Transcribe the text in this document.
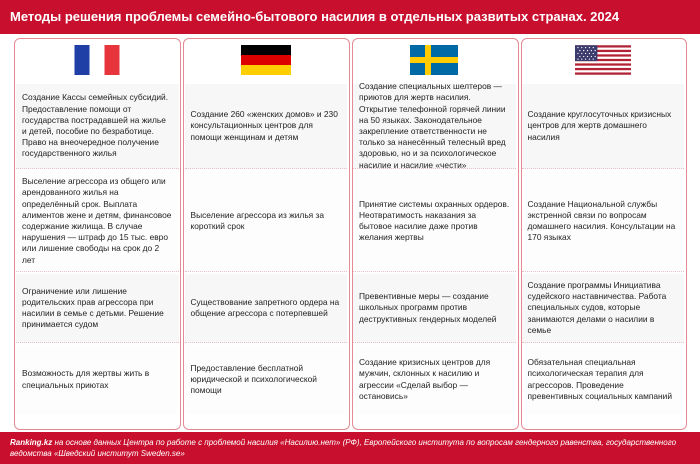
Методы решения проблемы семейно-бытового насилия в отдельных развитых странах. 2024
Создание Кассы семейных субсидий. Предоставление помощи от государства пострадавшей на жилье и детей, пособие по безработице. Право на внеочередное получение государственного жилья
Создание 260 «женских домов» и 230 консультационных центров для помощи женщинам и детям
Создание специальных шелтеров — приютов для жертв насилия. Открытие телефонной горячей линии на 50 языках. Законодательное закрепление ответственности не только за нанесённый телесный вред здоровью, но и за психологическое насилие и насилие «чести»
Создание круглосуточных кризисных центров для жертв домашнего насилия
Выселение агрессора из общего или арендованного жилья на определённый срок. Выплата алиментов жене и детям, финансовое содержание жилища. В случае нарушения — штраф до 15 тыс. евро или лишение свободы на срок до 2 лет
Выселение агрессора из жилья за короткий срок
Принятие системы охранных ордеров. Неотвратимость наказания за бытовое насилие даже против желания жертвы
Создание Национальной службы экстренной связи по вопросам домашнего насилия. Консультации на 170 языках
Ограничение или лишение родительских прав агрессора при насилии в семье с детьми. Решение принимается судом
Существование запретного ордера на общение агрессора с потерпевшей
Превентивные меры — создание школьных программ против деструктивных гендерных моделей
Создание программы Инициатива судейского наставничества. Работа специальных судов, которые занимаются делами о насилии в семье
Возможность для жертвы жить в специальных приютах
Предоставление бесплатной юридической и психологической помощи
Создание кризисных центров для мужчин, склонных к насилию и агрессии «Сделай выбор — остановись»
Обязательная специальная психологическая терапия для агрессоров. Проведение превентивных социальных кампаний
Ranking.kz на основе данных Центра по работе с проблемой насилия «Насилию.нет» (РФ), Европейского института по вопросам гендерного равенства, государственного ведомства «Шведский институт Sweden.se»
